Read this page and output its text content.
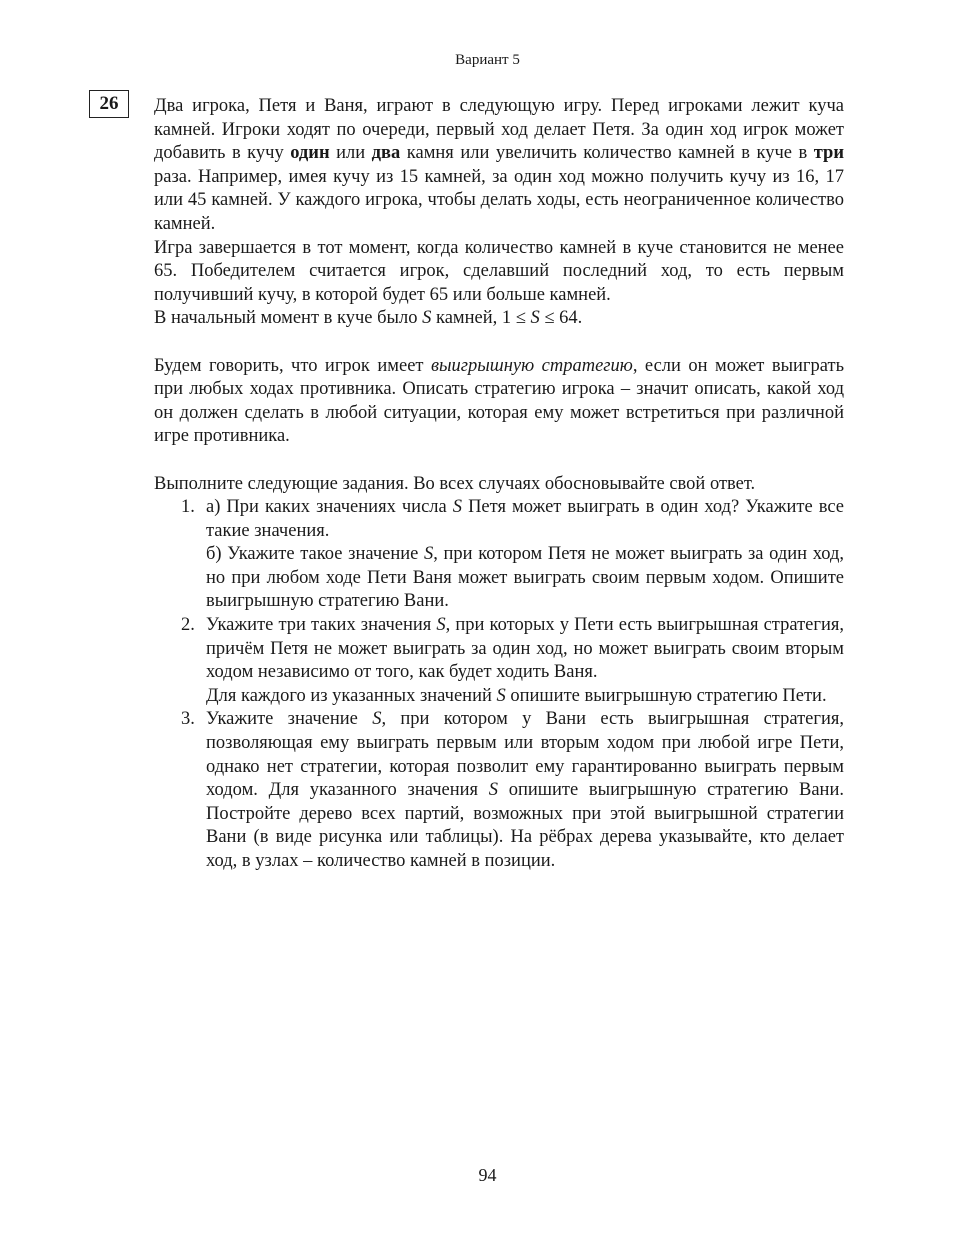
Вариант 5
26	Два игрока, Петя и Ваня, играют в следующую игру. Перед игроками лежит куча камней. Игроки ходят по очереди, первый ход делает Петя. За один ход игрок может добавить в кучу один или два камня или увеличить количество камней в куче в три раза. Например, имея кучу из 15 камней, за один ход можно получить кучу из 16, 17 или 45 камней. У каждого игрока, чтобы делать ходы, есть неограниченное количество камней.

Игра завершается в тот момент, когда количество камней в куче становится не менее 65. Победителем считается игрок, сделавший последний ход, то есть первым получивший кучу, в которой будет 65 или больше камней.

В начальный момент в куче было S камней, 1 ≤ S ≤ 64.

Будем говорить, что игрок имеет выигрышную стратегию, если он может выиграть при любых ходах противника. Описать стратегию игрока – значит описать, какой ход он должен сделать в любой ситуации, которая ему может встретиться при различной игре противника.

Выполните следующие задания. Во всех случаях обосновывайте свой ответ.

1. а) При каких значениях числа S Петя может выиграть в один ход? Укажите все такие значения.

б) Укажите такое значение S, при котором Петя не может выиграть за один ход, но при любом ходе Пети Ваня может выиграть своим первым ходом. Опишите выигрышную стратегию Вани.

2. Укажите три таких значения S, при которых у Пети есть выигрышная стратегия, причём Петя не может выиграть за один ход, но может выиграть своим вторым ходом независимо от того, как будет ходить Ваня.

Для каждого из указанных значений S опишите выигрышную стратегию Пети.

3. Укажите значение S, при котором у Вани есть выигрышная стратегия, позволяющая ему выиграть первым или вторым ходом при любой игре Пети, однако нет стратегии, которая позволит ему гарантированно выиграть первым ходом. Для указанного значения S опишите выигрышную стратегию Вани. Постройте дерево всех партий, возможных при этой выигрышной стратегии Вани (в виде рисунка или таблицы). На рёбрах дерева указывайте, кто делает ход, в узлах – количество камней в позиции.

94
